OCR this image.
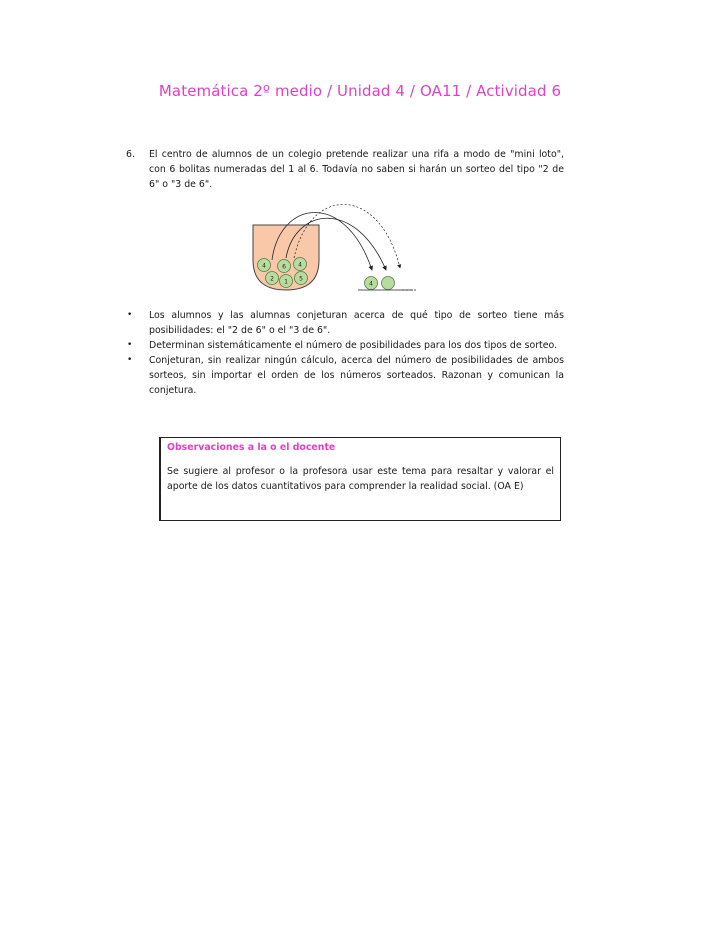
Matemática 2º medio / Unidad 4 / OA11 / Actividad 6
6. El centro de alumnos de un colegio pretende realizar una rifa a modo de "mini loto", con 6 bolitas numeradas del 1 al 6. Todavía no saben si harán un sorteo del tipo "2 de 6" o "3 de 6".
4	6 4
2 1 5
4
• Los alumnos y las alumnas conjeturan acerca de qué tipo de sorteo tiene más posibilidades: el "2 de 6" o el "3 de 6".
• Determinan sistemáticamente el número de posibilidades para los dos tipos de sorteo.
• Conjeturan, sin realizar ningún cálculo, acerca del número de posibilidades de ambos sorteos, sin importar el orden de los números sorteados. Razonan y comunican la conjetura.
Observaciones a la o el docente
Se sugiere al profesor o la profesora usar este tema para resaltar y valorar el aporte de los datos cuantitativos para comprender la realidad social. (OA E)
